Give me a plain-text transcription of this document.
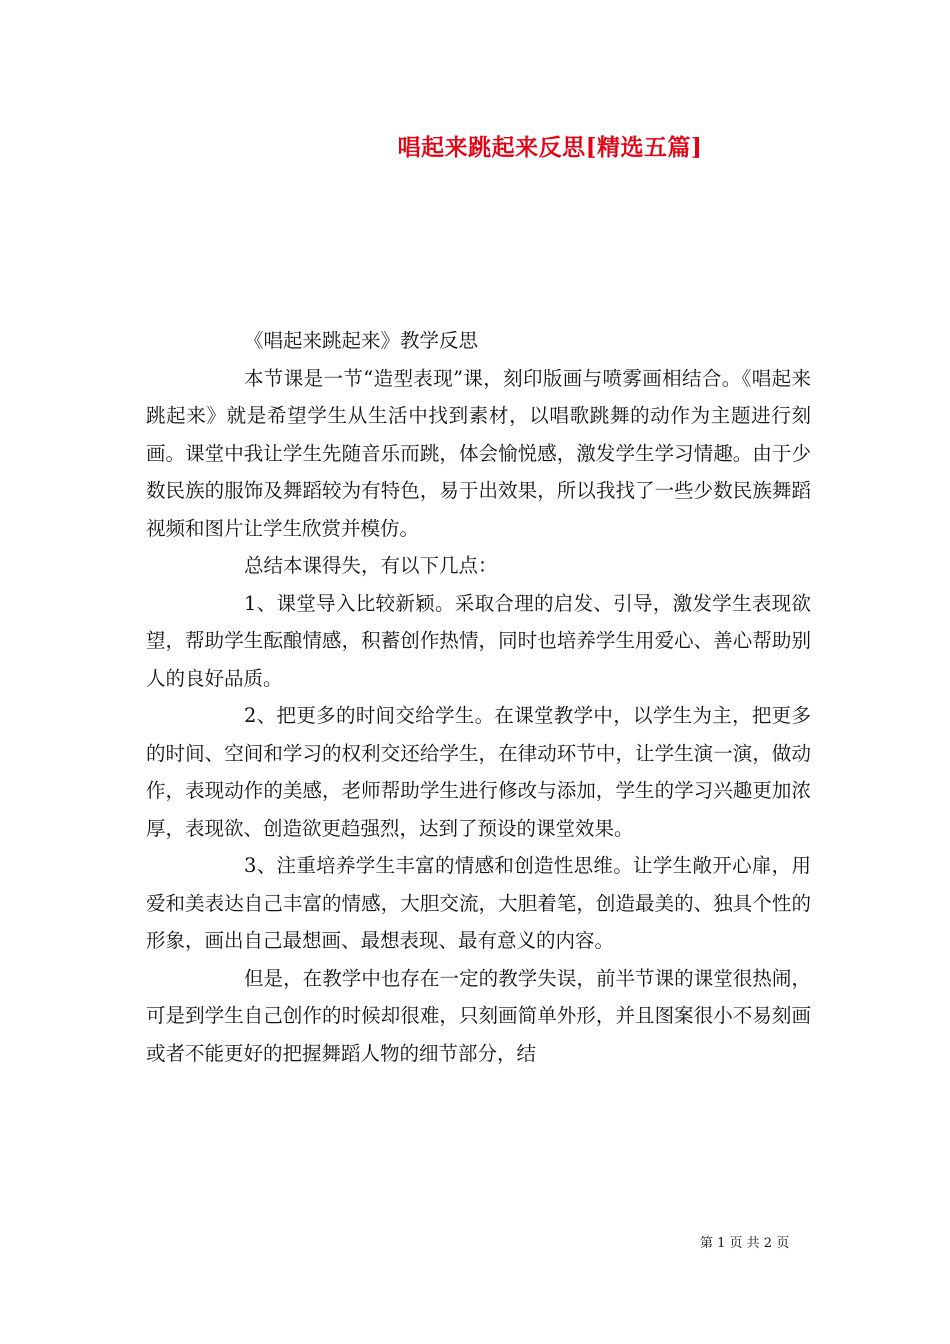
唱起来跳起来反思[精选五篇]

《唱起来跳起来》教学反思

本节课是一节“造型表现”课，刻印版画与喷雾画相结合。《唱起来跳起来》就是希望学生从生活中找到素材，以唱歌跳舞的动作为主题进行刻画。课堂中我让学生先随音乐而跳，体会愉悦感，激发学生学习情趣。由于少数民族的服饰及舞蹈较为有特色，易于出效果，所以我找了一些少数民族舞蹈视频和图片让学生欣赏并模仿。

总结本课得失，有以下几点：

1、课堂导入比较新颖。采取合理的启发、引导，激发学生表现欲望，帮助学生酝酿情感，积蓄创作热情，同时也培养学生用爱心、善心帮助别人的良好品质。

2、把更多的时间交给学生。在课堂教学中，以学生为主，把更多的时间、空间和学习的权利交还给学生，在律动环节中，让学生演一演，做动作，表现动作的美感，老师帮助学生进行修改与添加，学生的学习兴趣更加浓厚，表现欲、创造欲更趋强烈，达到了预设的课堂效果。

3、注重培养学生丰富的情感和创造性思维。让学生敞开心扉，用爱和美表达自己丰富的情感，大胆交流，大胆着笔，创造最美的、独具个性的形象，画出自己最想画、最想表现、最有意义的内容。

但是，在教学中也存在一定的教学失误，前半节课的课堂很热闹，可是到学生自己创作的时候却很难，只刻画简单外形，并且图案很小不易刻画或者不能更好的把握舞蹈人物的细节部分，结

第 1 页 共 2 页
